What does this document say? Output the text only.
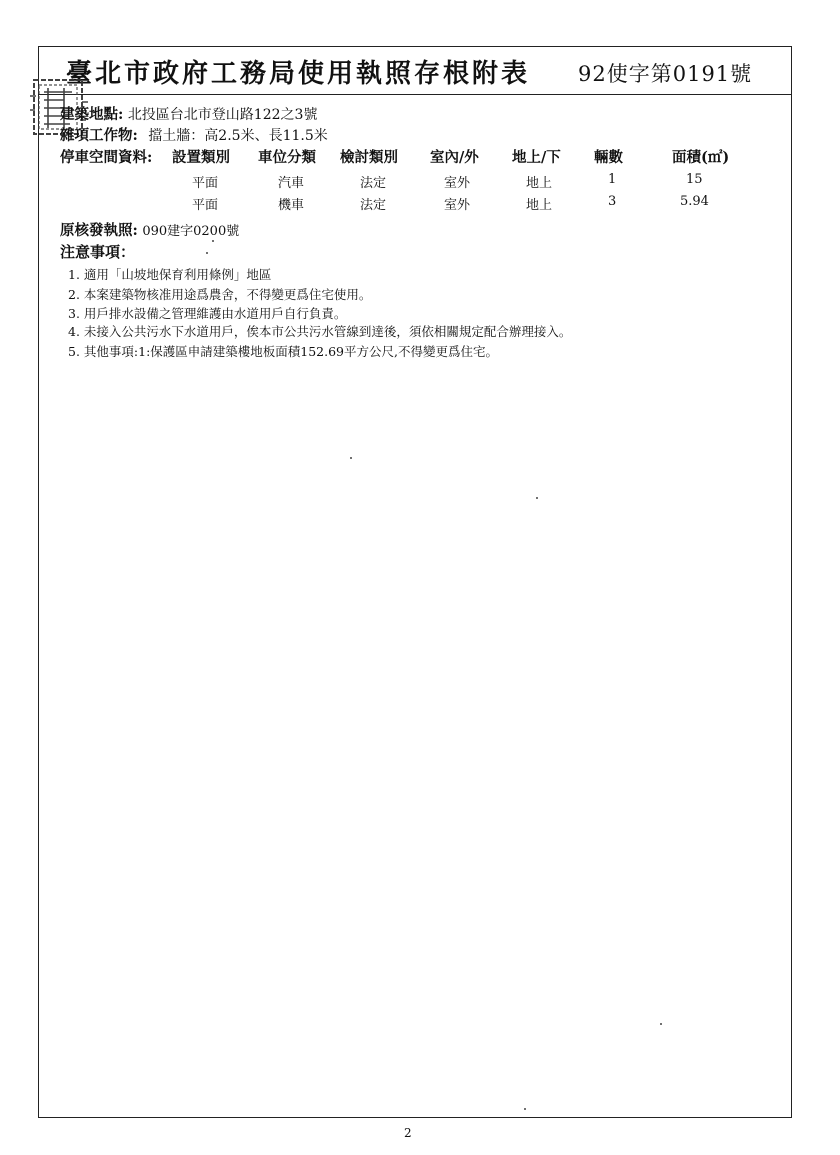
臺北市政府工務局使用執照存根附表 92使字第0191號
建築地點: 北投區台北市登山路122之3號
雜項工作物: 擋土牆：高2.5米、長11.5米
停車空間資料: 設置類別 車位分類 檢討類別 室內/外 地上/下 輛數	面積(㎡)
平面	汽車	法定	室外	地上	1	15
平面	機車	法定	室外	地上	3	5.94
原核發執照: 090建字0200號
注意事項：
1. 適用「山坡地保育利用條例」地區
2. 本案建築物核准用途爲農舍，不得變更爲住宅使用。
3. 用戶排水設備之管理維護由水道用戶自行負責。
4. 未接入公共污水下水道用戶，俟本市公共污水管線到達後，須依相關規定配合辦理接入。
5. 其他事項:1:保護區申請建築樓地板面積152.69平方公尺,不得變更爲住宅。
2
